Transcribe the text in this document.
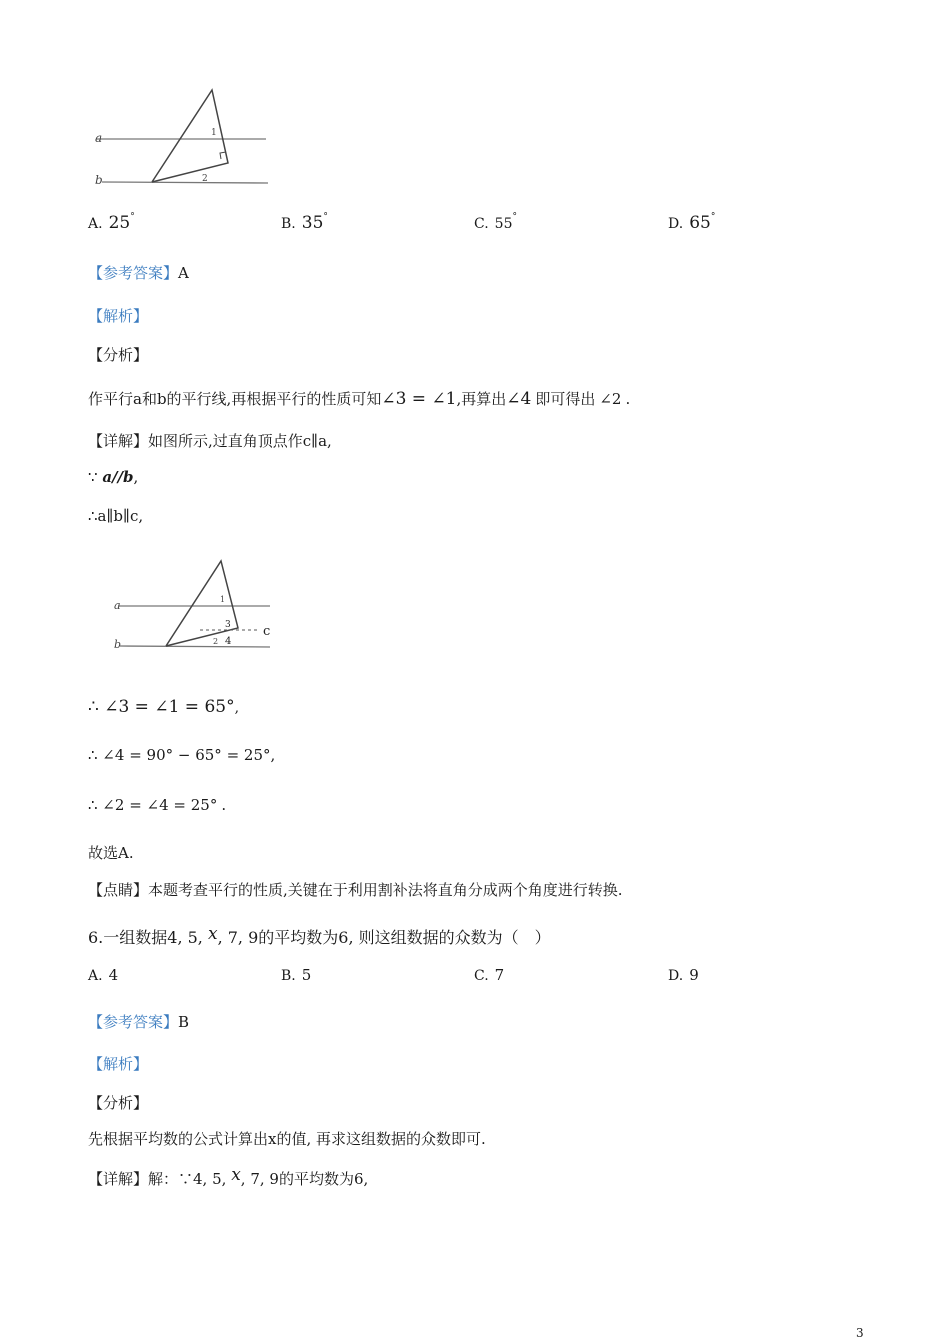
a
b
1
2
A. 25°	B. 35°	C. 55°	D. 65°
【参考答案】A
【解析】
【分析】
作平行a和b的平行线,再根据平行的性质可知∠3 = ∠1,再算出∠4 即可得出 ∠2 .
【详解】如图所示,过直角顶点作c∥a,
∵ a//b,
∴a∥b∥c,
a
b
c
1
2
3
4
∴ ∠3 = ∠1 = 65°,
∴ ∠4 = 90° − 65° = 25°,
∴ ∠2 = ∠4 = 25° .
故选A.
【点睛】本题考查平行的性质,关键在于利用割补法将直角分成两个角度进行转换.
6.一组数据4, 5, x, 7, 9的平均数为6, 则这组数据的众数为（　）
A. 4	B. 5	C. 7	D. 9
【参考答案】B
【解析】
【分析】
先根据平均数的公式计算出x的值, 再求这组数据的众数即可.
【详解】解：∵4, 5, x, 7, 9的平均数为6,
3
